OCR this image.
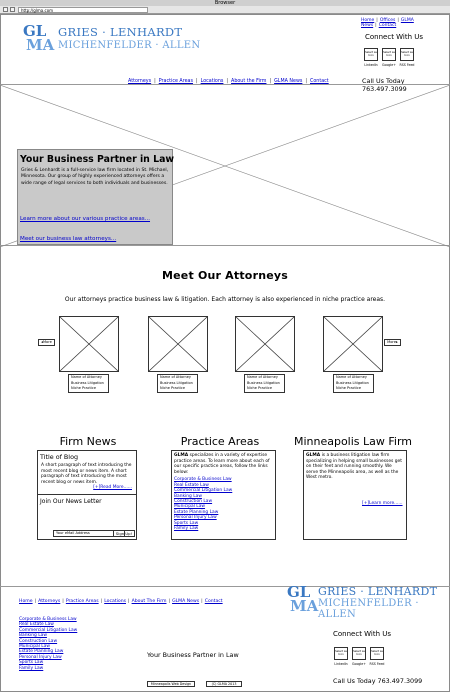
Browser
http://glma.com
GL
MA
GRIES · LENHARDT
MICHENFELDER · ALLEN
Home | Offices | GLMA News | Contact
Connect With Us
Select as Icon
Select as Icon
Select as Icon
LinkedIn	Google+	RSS Feed
Attorneys | Practice Areas | Locations | About the Firm | GLMA News | Contact	Call Us Today 763.497.3099
Your Business Partner in Law
Gries & Lenhardt is a full-service law firm located in St. Michael, Minnesota. Our group of highly experienced attorneys offers a wide range of legal services to both individuals and businesses.
Learn more about our various practice areas...
Meet our business law attorneys...
Meet Our Attorneys
Our attorneys practice business law & litigation. Each attorney is also experienced in niche practice areas.
◂More	More▸
Name of Attorney
Business Litigation
Niche Practice
Name of Attorney
Business Litigation
Niche Practice
Name of Attorney
Business Litigation
Niche Practice
Name of Attorney
Business Litigation
Niche Practice
Firm News	Practice Areas	Minneapolis Law Firm
Title of Blog
A short paragraph of text introducing the most recent blog or news item. A short paragraph of text introducing the most recent blog or news item.
[+]Read More......
Join Our News Letter
Your eMail Address	Sign Up!
GLMA specializes in a variety of expertise practice areas. To learn more about each of our specific practice areas, follow the links below:
Corporate & Business Law
Real Estate Law
Commercial Litigation Law
Banking Law
Construction Law
Municipal Law
Estate Planning Law
Personal Injury Law
Sports Law
Family Law
GLMA is a business litigation law firm specializing in helping small businesses get on their feet and running smoothly. We serve the Minneapolis area, as well as the West metro.
[+]Learn more......
GL
MA
GRIES · LENHARDT
MICHENFELDER · ALLEN
Home | Attorneys | Practice Areas | Locations | About The Firm | GLMA News | Contact
Corporate & Business Law
Real Estate Law
Commercial Litigation Law
Banking Law
Construction Law
Municipal Law
Estate Planning Law
Personal Injury Law
Sports Law
Family Law
Your Business Partner in Law
Minneapolis Web Design	(C) GLMA 2013
Connect With Us
Select as Icon
Select as Icon
Select as Icon
LinkedIn	Google+	RSS Feed
Call Us Today 763.497.3099
